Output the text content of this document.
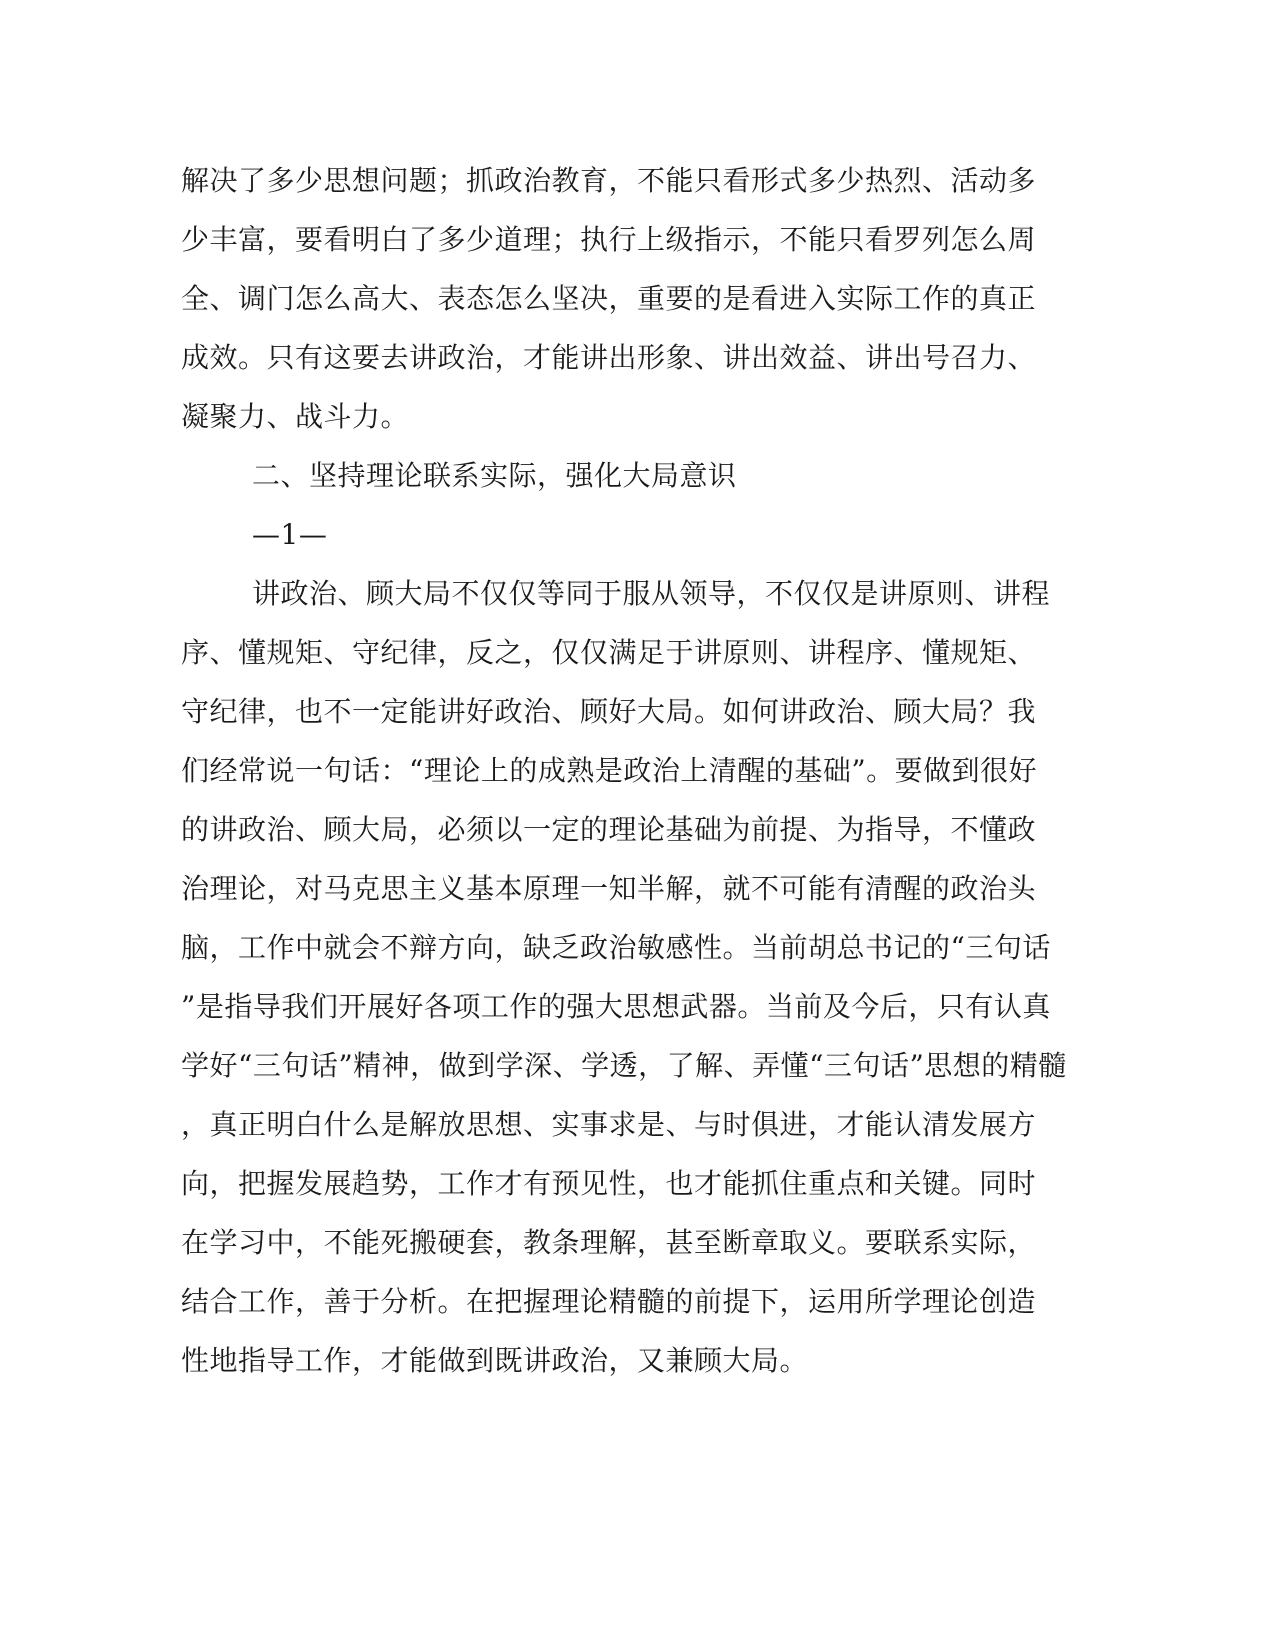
解决了多少思想问题；抓政治教育，不能只看形式多少热烈、活动多
少丰富，要看明白了多少道理；执行上级指示，不能只看罗列怎么周
全、调门怎么高大、表态怎么坚决，重要的是看进入实际工作的真正
成效。只有这要去讲政治，才能讲出形象、讲出效益、讲出号召力、
凝聚力、战斗力。
二、坚持理论联系实际，强化大局意识
—1—
讲政治、顾大局不仅仅等同于服从领导，不仅仅是讲原则、讲程
序、懂规矩、守纪律，反之，仅仅满足于讲原则、讲程序、懂规矩、
守纪律，也不一定能讲好政治、顾好大局。如何讲政治、顾大局？我
们经常说一句话：“理论上的成熟是政治上清醒的基础”。要做到很好
的讲政治、顾大局，必须以一定的理论基础为前提、为指导，不懂政
治理论，对马克思主义基本原理一知半解，就不可能有清醒的政治头
脑，工作中就会不辩方向，缺乏政治敏感性。当前胡总书记的“三句话
”是指导我们开展好各项工作的强大思想武器。当前及今后，只有认真
学好“三句话”精神，做到学深、学透，了解、弄懂“三句话”思想的精髓
，真正明白什么是解放思想、实事求是、与时俱进，才能认清发展方
向，把握发展趋势，工作才有预见性，也才能抓住重点和关键。同时
在学习中，不能死搬硬套，教条理解，甚至断章取义。要联系实际，
结合工作，善于分析。在把握理论精髓的前提下，运用所学理论创造
性地指导工作，才能做到既讲政治，又兼顾大局。
